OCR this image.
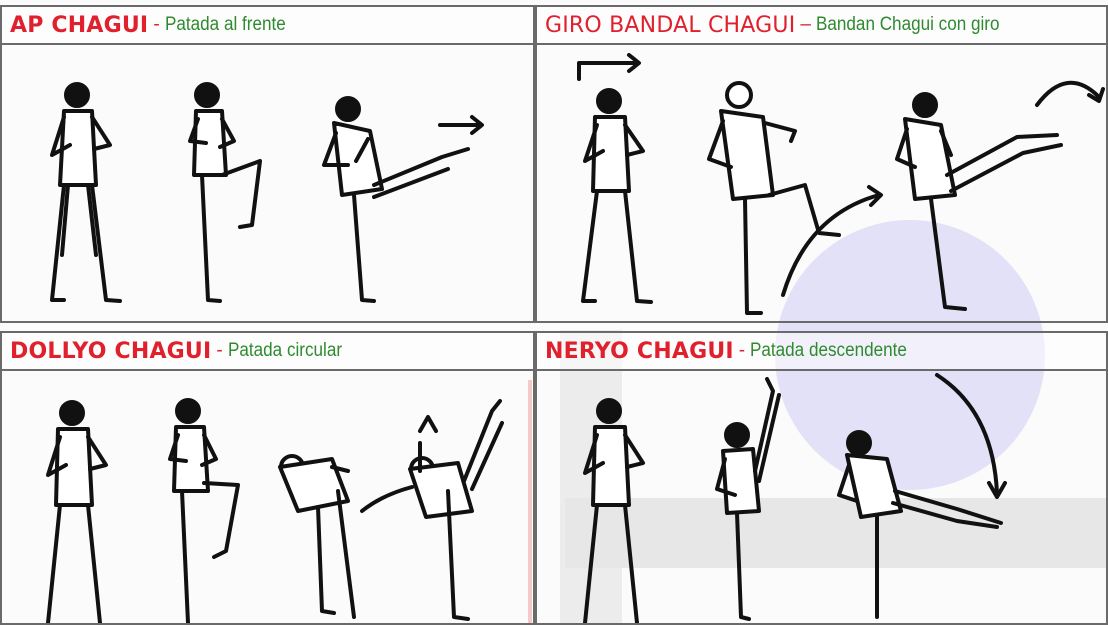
AP CHAGUI - Patada al frente	GIRO BANDAL CHAGUI – Bandan Chagui con giro
DOLLYO CHAGUI - Patada circular	NERYO CHAGUI - Patada descendente
